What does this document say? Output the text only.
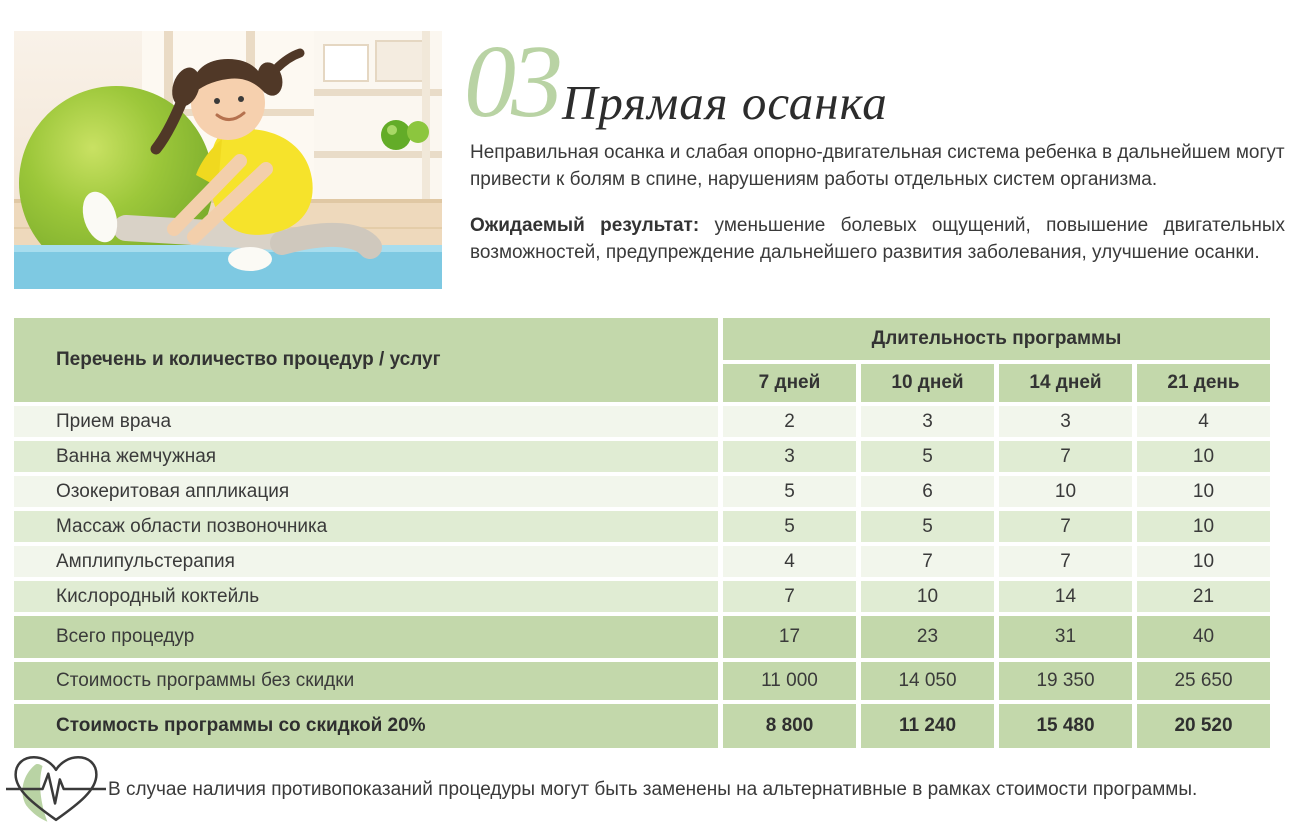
03 Прямая осанка

Неправильная осанка и слабая опорно-двигательная система ребенка в дальнейшем могут привести к болям в спине, нарушениям работы отдельных систем организма.

Ожидаемый результат: уменьшение болевых ощущений, повышение двигательных возможностей, предупреждение дальнейшего развития заболевания, улучшение осанки.

Перечень и количество процедур / услуг
Длительность программы
7 дней	10 дней	14 дней	21 день
Прием врача	2	3	3	4
Ванна жемчужная	3	5	7	10
Озокеритовая аппликация	5	6	10	10
Массаж области позвоночника	5	5	7	10
Амплипульстерапия	4	7	7	10
Кислородный коктейль	7	10	14	21
Всего процедур	17	23	31	40
Стоимость программы без скидки	11 000	14 050	19 350	25 650
Стоимость программы со скидкой 20%	8 800	11 240	15 480	20 520
В случае наличия противопоказаний процедуры могут быть заменены на альтернативные в рамках стоимости программы.
